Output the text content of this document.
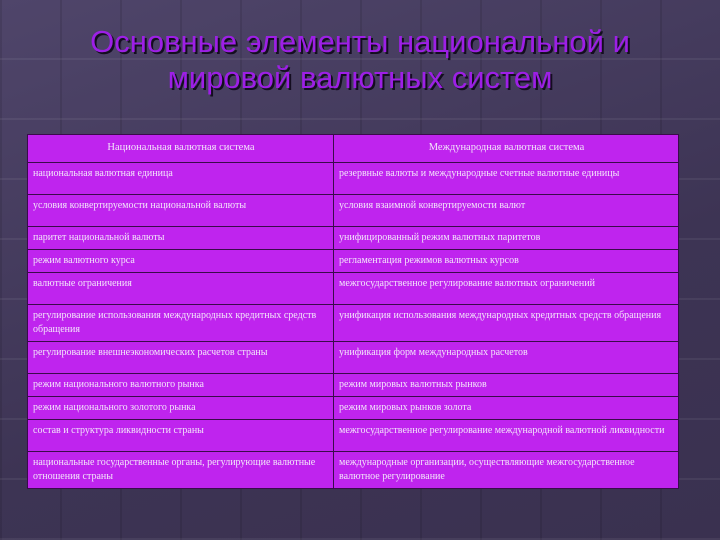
Основные элементы национальной и
мировой валютных систем
Национальная валютная система	Международная валютная система
национальная валютная единица	резервные валюты и международные счетные валютные единицы
условия конвертируемости национальной валюты	условия взаимной конвертируемости валют
паритет национальной валюты	унифицированный режим валютных паритетов
режим валютного курса	регламентация режимов валютных курсов
валютные ограничения	межгосударственное регулирование валютных ограничений
регулирование использования международных кредитных средств обращения	унификация использования международных кредитных средств обращения
регулирование внешнеэкономических расчетов страны	унификация форм международных расчетов
режим национального валютного рынка	режим мировых валютных рынков
режим национального золотого рынка	режим мировых рынков золота
состав и структура ликвидности страны	межгосударственное регулирование международной валютной ликвидности
национальные государственные органы, регулирующие валютные отношения страны	международные организации, осуществляющие межгосударственное валютное регулирование
